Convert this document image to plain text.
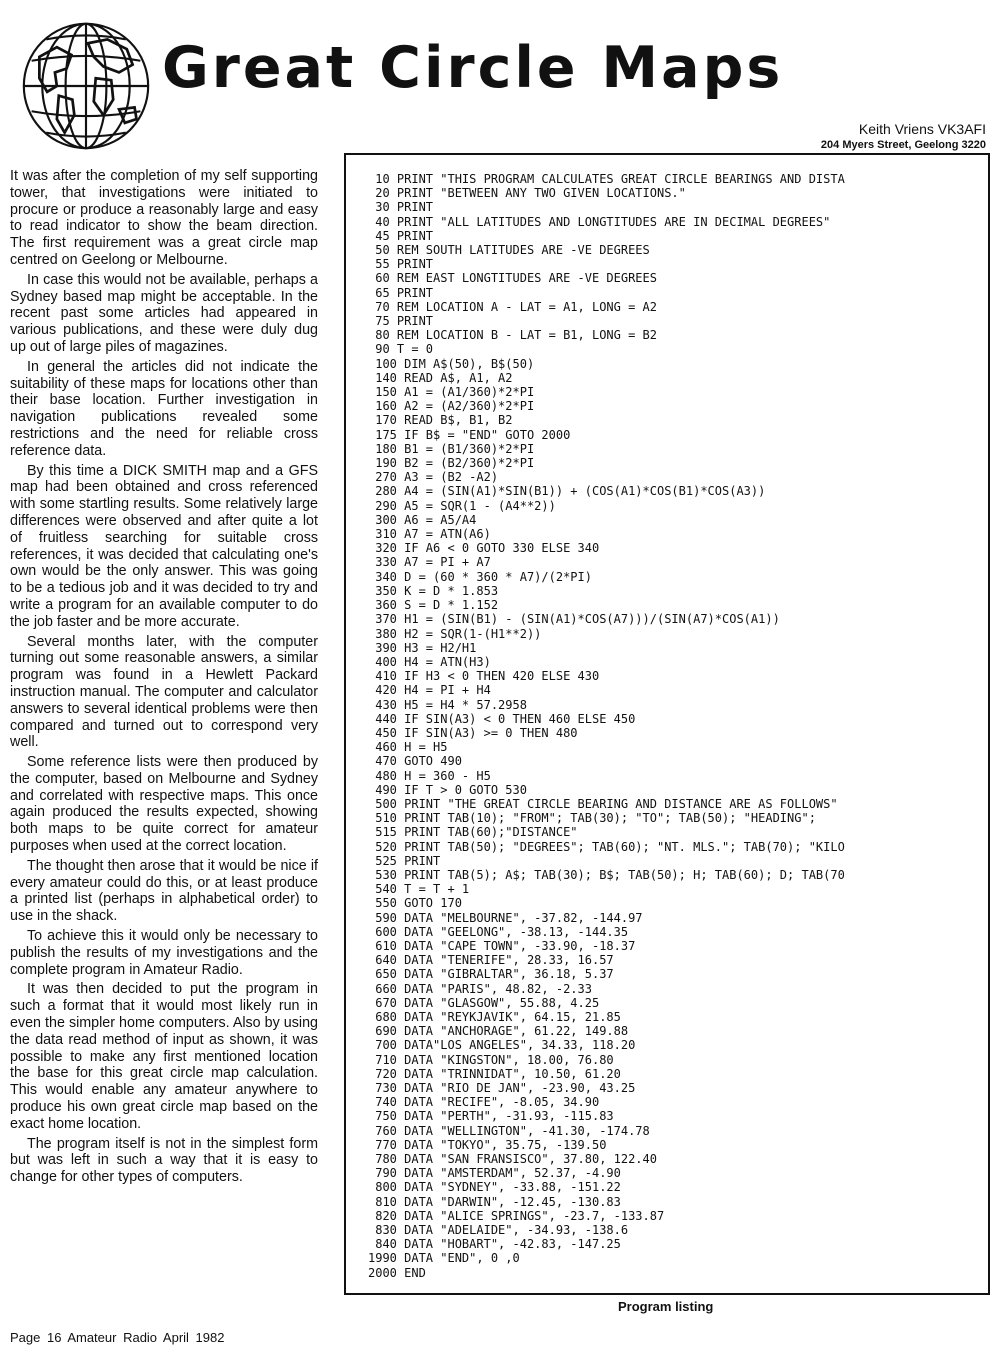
Great Circle Maps
Keith Vriens VK3AFI
204 Myers Street, Geelong 3220

It was after the completion of my self supporting tower, that investigations were initiated to procure or produce a reasonably large and easy to read indicator to show the beam direction. The first requirement was a great circle map centred on Geelong or Melbourne.

In case this would not be available, perhaps a Sydney based map might be acceptable. In the recent past some articles had appeared in various publications, and these were duly dug up out of large piles of magazines.

In general the articles did not indicate the suitability of these maps for locations other than their base location. Further investigation in navigation publications revealed some restrictions and the need for reliable cross reference data.

By this time a DICK SMITH map and a GFS map had been obtained and cross referenced with some startling results. Some relatively large differences were observed and after quite a lot of fruitless searching for suitable cross references, it was decided that calculating one's own would be the only answer. This was going to be a tedious job and it was decided to try and write a program for an available computer to do the job faster and be more accurate.

Several months later, with the computer turning out some reasonable answers, a similar program was found in a Hewlett Packard instruction manual. The computer and calculator answers to several identical problems were then compared and turned out to correspond very well.

Some reference lists were then produced by the computer, based on Melbourne and Sydney and correlated with respective maps. This once again produced the results expected, showing both maps to be quite correct for amateur purposes when used at the correct location.

The thought then arose that it would be nice if every amateur could do this, or at least produce a printed list (perhaps in alphabetical order) to use in the shack.

To achieve this it would only be necessary to publish the results of my investigations and the complete program in Amateur Radio.

It was then decided to put the program in such a format that it would most likely run in even the simpler home computers. Also by using the data read method of input as shown, it was possible to make any first mentioned location the base for this great circle map calculation. This would enable any amateur anywhere to produce his own great circle map based on the exact home location.

The program itself is not in the simplest form but was left in such a way that it is easy to change for other types of computers.

10 PRINT "THIS PROGRAM CALCULATES GREAT CIRCLE BEARINGS AND DISTA
20 PRINT "BETWEEN ANY TWO GIVEN LOCATIONS."
30 PRINT
40 PRINT "ALL LATITUDES AND LONGTITUDES ARE IN DECIMAL DEGREES"
45 PRINT
50 REM SOUTH LATITUDES ARE -VE DEGREES
55 PRINT
60 REM EAST LONGTITUDES ARE -VE DEGREES
65 PRINT
70 REM LOCATION A - LAT = A1, LONG = A2
75 PRINT
80 REM LOCATION B - LAT = B1, LONG = B2
90 T = 0
100 DIM A$(50), B$(50)
140 READ A$, A1, A2
150 A1 = (A1/360)*2*PI
160 A2 = (A2/360)*2*PI
170 READ B$, B1, B2
175 IF B$ = "END" GOTO 2000
180 B1 = (B1/360)*2*PI
190 B2 = (B2/360)*2*PI
270 A3 = (B2 -A2)
280 A4 = (SIN(A1)*SIN(B1)) + (COS(A1)*COS(B1)*COS(A3))
290 A5 = SQR(1 - (A4**2))
300 A6 = A5/A4
310 A7 = ATN(A6)
320 IF A6 < 0 GOTO 330 ELSE 340
330 A7 = PI + A7
340 D = (60 * 360 * A7)/(2*PI)
350 K = D * 1.853
360 S = D * 1.152
370 H1 = (SIN(B1) - (SIN(A1)*COS(A7)))/(SIN(A7)*COS(A1))
380 H2 = SQR(1-(H1**2))
390 H3 = H2/H1
400 H4 = ATN(H3)
410 IF H3 < 0 THEN 420 ELSE 430
420 H4 = PI + H4
430 H5 = H4 * 57.2958
440 IF SIN(A3) < 0 THEN 460 ELSE 450
450 IF SIN(A3) >= 0 THEN 480
460 H = H5
470 GOTO 490
480 H = 360 - H5
490 IF T > 0 GOTO 530
500 PRINT "THE GREAT CIRCLE BEARING AND DISTANCE ARE AS FOLLOWS"
510 PRINT TAB(10); "FROM"; TAB(30); "TO"; TAB(50); "HEADING";
515 PRINT TAB(60);"DISTANCE"
520 PRINT TAB(50); "DEGREES"; TAB(60); "NT. MLS."; TAB(70); "KILO
525 PRINT
530 PRINT TAB(5); A$; TAB(30); B$; TAB(50); H; TAB(60); D; TAB(70
540 T = T + 1
550 GOTO 170
590 DATA "MELBOURNE", -37.82, -144.97
600 DATA "GEELONG", -38.13, -144.35
610 DATA "CAPE TOWN", -33.90, -18.37
640 DATA "TENERIFE", 28.33, 16.57
650 DATA "GIBRALTAR", 36.18, 5.37
660 DATA "PARIS", 48.82, -2.33
670 DATA "GLASGOW", 55.88, 4.25
680 DATA "REYKJAVIK", 64.15, 21.85
690 DATA "ANCHORAGE", 61.22, 149.88
700 DATA"LOS ANGELES", 34.33, 118.20
710 DATA "KINGSTON", 18.00, 76.80
720 DATA "TRINNIDAT", 10.50, 61.20
730 DATA "RIO DE JAN", -23.90, 43.25
740 DATA "RECIFE", -8.05, 34.90
750 DATA "PERTH", -31.93, -115.83
760 DATA "WELLINGTON", -41.30, -174.78
770 DATA "TOKYO", 35.75, -139.50
780 DATA "SAN FRANSISCO", 37.80, 122.40
790 DATA "AMSTERDAM", 52.37, -4.90
800 DATA "SYDNEY", -33.88, -151.22
810 DATA "DARWIN", -12.45, -130.83
820 DATA "ALICE SPRINGS", -23.7, -133.87
830 DATA "ADELAIDE", -34.93, -138.6
840 DATA "HOBART", -42.83, -147.25
1990 DATA "END", 0 ,0
2000 END
Program listing
Page 16 Amateur Radio April 1982
